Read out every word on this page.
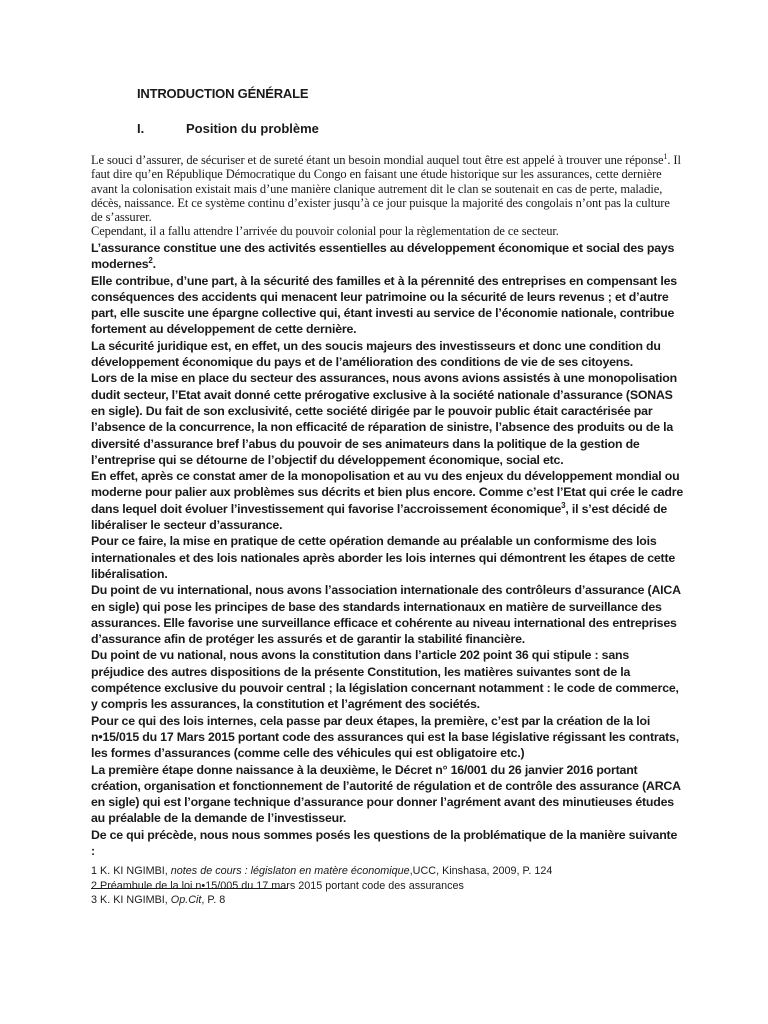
INTRODUCTION GÉNÉRALE
I.	Position du problème

Le souci d’assurer, de sécuriser et de sureté étant un besoin mondial auquel tout être est appelé à trouver une réponse$^1$. Il faut dire qu’en République Démocratique du Congo en faisant une étude historique sur les assurances, cette dernière avant la colonisation existait mais d’une manière clanique autrement dit le clan se soutenait en cas de perte, maladie, décès, naissance. Et ce système continu d’exister jusqu’à ce jour puisque la majorité des congolais n’ont pas la culture de s’assurer.

Cependant, il a fallu attendre l’arrivée du pouvoir colonial pour la règlementation de ce secteur.

L’assurance constitue une des activités essentielles au développement économique et social des pays modernes$^2$.

Elle contribue, d’une part, à la sécurité des familles et à la pérennité des entreprises en compensant les conséquences des accidents qui menacent leur patrimoine ou la sécurité de leurs revenus ; et d’autre part, elle suscite une épargne collective qui, étant investi au service de l’économie nationale, contribue fortement au développement de cette dernière.

La sécurité juridique est, en effet, un des soucis majeurs des investisseurs et donc une condition du développement économique du pays et de l’amélioration des conditions de vie de ses citoyens.

Lors de la mise en place du secteur des assurances, nous avons avions assistés à une monopolisation dudit secteur, l’Etat avait donné cette prérogative exclusive à la société nationale d’assurance (SONAS en sigle). Du fait de son exclusivité, cette société dirigée par le pouvoir public était caractérisée par l’absence de la concurrence, la non efficacité de réparation de sinistre, l’absence des produits ou de la diversité d’assurance bref l’abus du pouvoir de ses animateurs dans la politique de la gestion de l’entreprise qui se détourne de l’objectif du développement économique, social etc.

En effet, après ce constat amer de la monopolisation et au vu des enjeux du développement mondial ou moderne pour palier aux problèmes sus décrits et bien plus encore. Comme c’est l’Etat qui crée le cadre dans lequel doit évoluer l’investissement qui favorise l’accroissement économique$^3$, il s’est décidé de libéraliser le secteur d’assurance.

Pour ce faire, la mise en pratique de cette opération demande au préalable un conformisme des lois internationales et des lois nationales après aborder les lois internes qui démontrent les étapes de cette libéralisation.

Du point de vu international, nous avons l’association internationale des contrôleurs d’assurance (AICA en sigle) qui pose les principes de base des standards internationaux en matière de surveillance des assurances. Elle favorise une surveillance efficace et cohérente au niveau international des entreprises d’assurance afin de protéger les assurés et de garantir la stabilité financière.

Du point de vu national, nous avons la constitution dans l’article 202 point 36 qui stipule : sans préjudice des autres dispositions de la présente Constitution, les matières suivantes sont de la compétence exclusive du pouvoir central ; la législation concernant notamment : le code de commerce, y compris les assurances, la constitution et l’agrément des sociétés.

Pour ce qui des lois internes, cela passe par deux étapes, la première, c’est par la création de la loi n•15/015 du 17 Mars 2015 portant code des assurances qui est la base législative régissant les contrats, les formes d’assurances (comme celle des véhicules qui est obligatoire etc.)

La première étape donne naissance à la deuxième, le Décret n° 16/001 du 26 janvier 2016 portant création, organisation et fonctionnement de l’autorité de régulation et de contrôle des assurance (ARCA en sigle) qui est l’organe technique d’assurance pour donner l’agrément avant des minutieuses études au préalable de la demande de l’investisseur.

De ce qui précède, nous nous sommes posés les questions de la problématique de la manière suivante :

1 K. KI NGIMBI, notes de cours : législaton en matère économique,UCC, Kinshasa, 2009, P. 124
2 Préambule de la loi n•15/005 du 17 mars 2015 portant code des assurances
3 K. KI NGIMBI, Op.Cit, P. 8
